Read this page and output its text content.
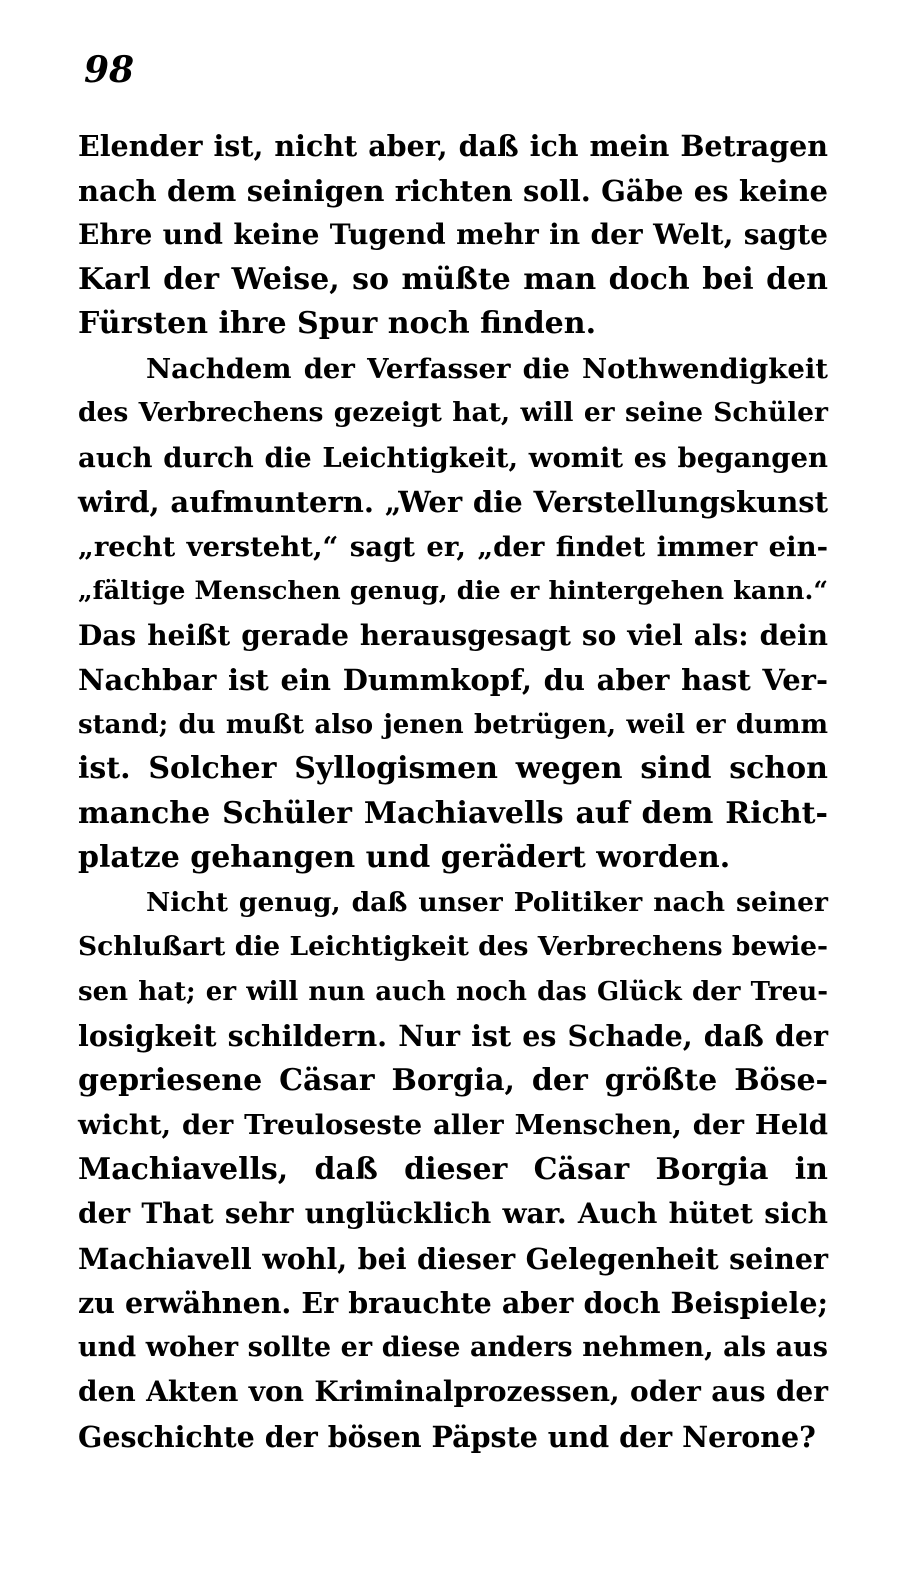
98
Elender ist, nicht aber, daß ich mein Betragen
nach dem seinigen richten soll. Gäbe es keine
Ehre und keine Tugend mehr in der Welt, sagte
Karl der Weise, so müßte man doch bei den
Fürsten ihre Spur noch finden.
Nachdem der Verfasser die Nothwendigkeit
des Verbrechens gezeigt hat, will er seine Schüler
auch durch die Leichtigkeit, womit es begangen
wird, aufmuntern. „Wer die Verstellungskunst
„recht versteht,“ sagt er, „der findet immer ein-
„fältige Menschen genug, die er hintergehen kann.“
Das heißt gerade herausgesagt so viel als: dein
Nachbar ist ein Dummkopf, du aber hast Ver-
stand; du mußt also jenen betrügen, weil er dumm
ist. Solcher Syllogismen wegen sind schon
manche Schüler Machiavells auf dem Richt-
platze gehangen und gerädert worden.
Nicht genug, daß unser Politiker nach seiner
Schlußart die Leichtigkeit des Verbrechens bewie-
sen hat; er will nun auch noch das Glück der Treu-
losigkeit schildern. Nur ist es Schade, daß der
gepriesene Cäsar Borgia, der größte Böse-
wicht, der Treuloseste aller Menschen, der Held
Machiavells, daß dieser Cäsar Borgia in
der That sehr unglücklich war. Auch hütet sich
Machiavell wohl, bei dieser Gelegenheit seiner
zu erwähnen. Er brauchte aber doch Beispiele;
und woher sollte er diese anders nehmen, als aus
den Akten von Kriminalprozessen, oder aus der
Geschichte der bösen Päpste und der Nerone?
